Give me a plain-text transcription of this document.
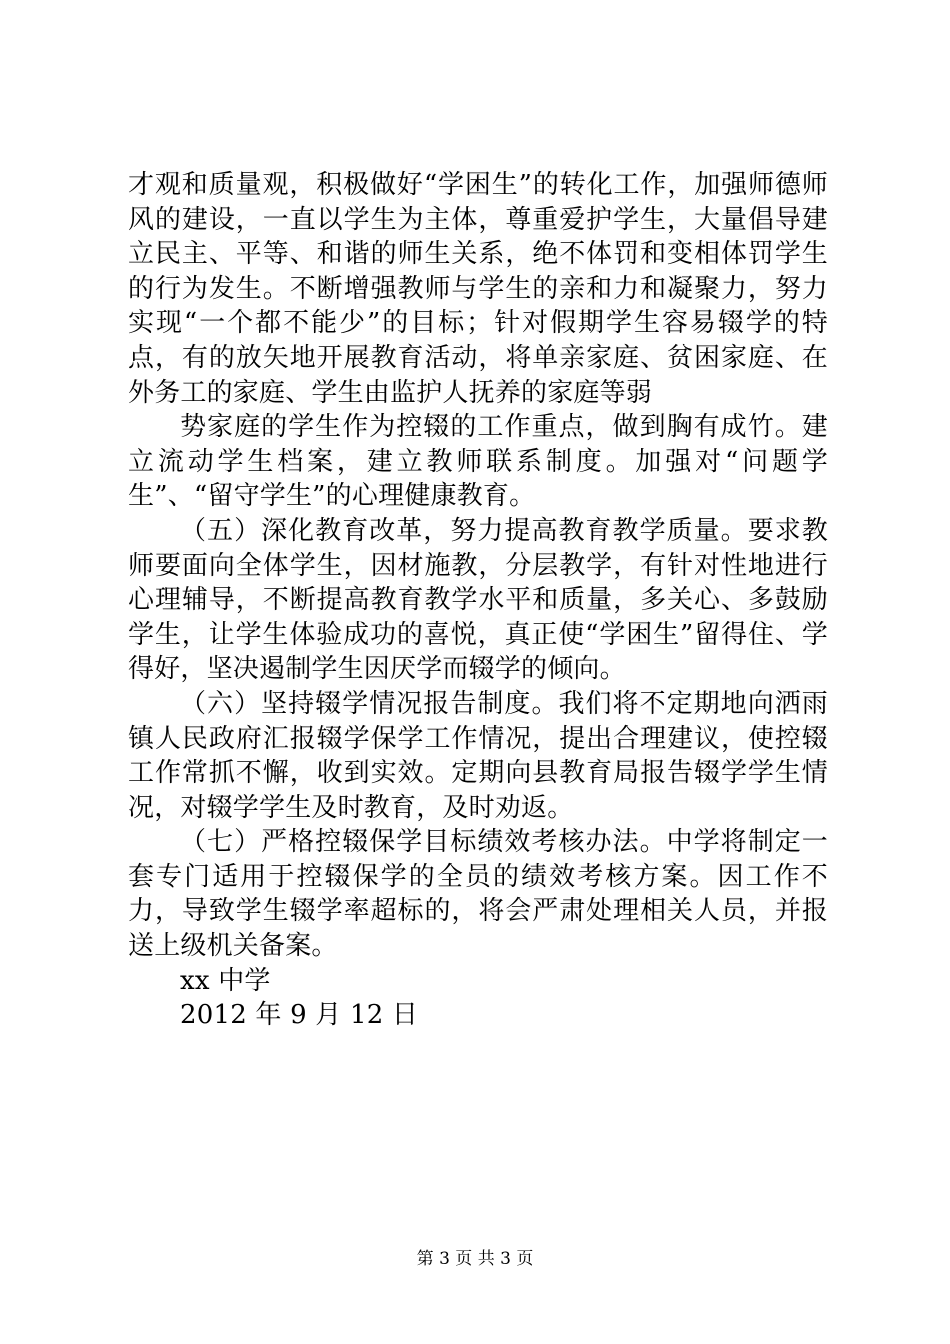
才观和质量观，积极做好“学困生”的转化工作，加强师德师风的建设，一直以学生为主体，尊重爱护学生，大量倡导建立民主、平等、和谐的师生关系，绝不体罚和变相体罚学生的行为发生。不断增强教师与学生的亲和力和凝聚力，努力实现“一个都不能少”的目标；针对假期学生容易辍学的特点，有的放矢地开展教育活动，将单亲家庭、贫困家庭、在外务工的家庭、学生由监护人抚养的家庭等弱

势家庭的学生作为控辍的工作重点，做到胸有成竹。建立流动学生档案，建立教师联系制度。加强对“问题学生”、“留守学生”的心理健康教育。

（五）深化教育改革，努力提高教育教学质量。要求教师要面向全体学生，因材施教，分层教学，有针对性地进行心理辅导，不断提高教育教学水平和质量，多关心、多鼓励学生，让学生体验成功的喜悦，真正使“学困生”留得住、学得好，坚决遏制学生因厌学而辍学的倾向。

（六）坚持辍学情况报告制度。我们将不定期地向洒雨镇人民政府汇报辍学保学工作情况，提出合理建议，使控辍工作常抓不懈，收到实效。定期向县教育局报告辍学学生情况，对辍学学生及时教育，及时劝返。

（七）严格控辍保学目标绩效考核办法。中学将制定一套专门适用于控辍保学的全员的绩效考核方案。因工作不力，导致学生辍学率超标的，将会严肃处理相关人员，并报送上级机关备案。

xx 中学

2012 年 9 月 12 日

第 3 页 共 3 页
